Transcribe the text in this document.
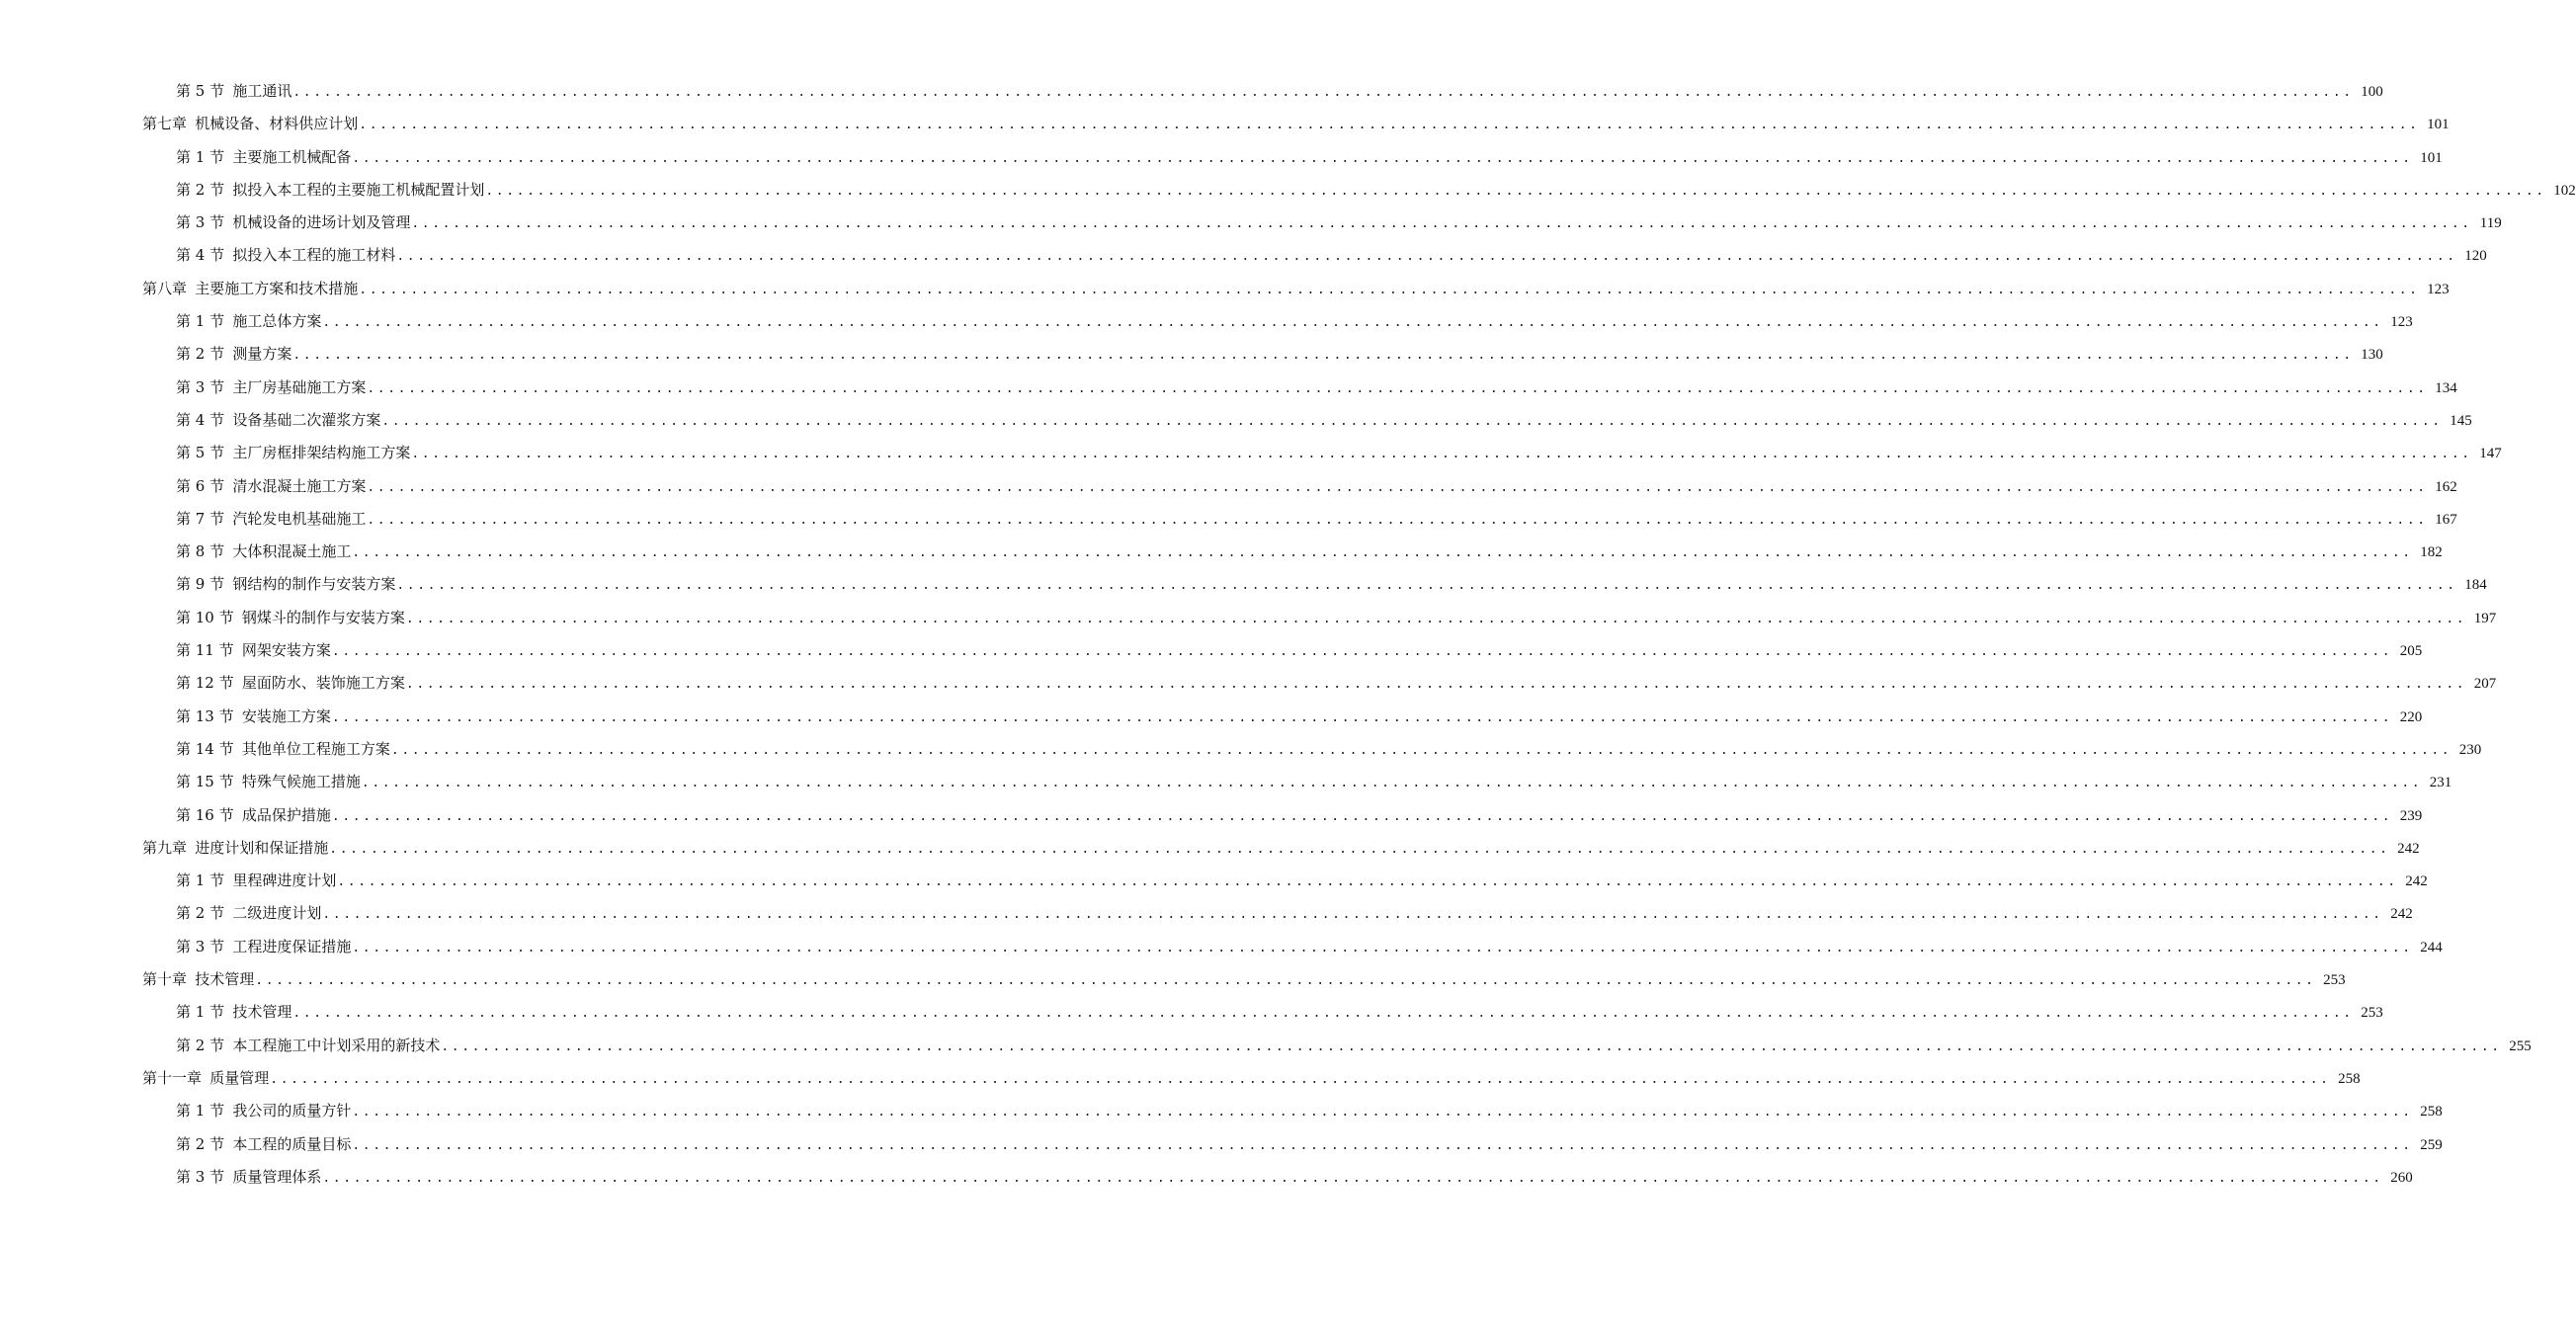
第 5 节 施工通讯 ........................................................................................................................................................................................................ 100
第七章 机械设备、材料供应计划 ........................................................................................................................................................................................................ 101
第 1 节 主要施工机械配备 ........................................................................................................................................................................................................ 101
第 2 节 拟投入本工程的主要施工机械配置计划 ........................................................................................................................................................................................................ 102
第 3 节 机械设备的进场计划及管理 ........................................................................................................................................................................................................ 119
第 4 节 拟投入本工程的施工材料 ........................................................................................................................................................................................................ 120
第八章 主要施工方案和技术措施 ........................................................................................................................................................................................................ 123
第 1 节 施工总体方案 ........................................................................................................................................................................................................ 123
第 2 节 测量方案 ........................................................................................................................................................................................................ 130
第 3 节 主厂房基础施工方案 ........................................................................................................................................................................................................ 134
第 4 节 设备基础二次灌浆方案 ........................................................................................................................................................................................................ 145
第 5 节 主厂房框排架结构施工方案 ........................................................................................................................................................................................................ 147
第 6 节 清水混凝土施工方案 ........................................................................................................................................................................................................ 162
第 7 节 汽轮发电机基础施工 ........................................................................................................................................................................................................ 167
第 8 节 大体积混凝土施工 ........................................................................................................................................................................................................ 182
第 9 节 钢结构的制作与安装方案 ........................................................................................................................................................................................................ 184
第 10 节 钢煤斗的制作与安装方案 ........................................................................................................................................................................................................ 197
第 11 节 网架安装方案 ........................................................................................................................................................................................................ 205
第 12 节 屋面防水、装饰施工方案 ........................................................................................................................................................................................................ 207
第 13 节 安装施工方案 ........................................................................................................................................................................................................ 220
第 14 节 其他单位工程施工方案 ........................................................................................................................................................................................................ 230
第 15 节 特殊气候施工措施 ........................................................................................................................................................................................................ 231
第 16 节 成品保护措施 ........................................................................................................................................................................................................ 239
第九章 进度计划和保证措施 ........................................................................................................................................................................................................ 242
第 1 节 里程碑进度计划 ........................................................................................................................................................................................................ 242
第 2 节 二级进度计划 ........................................................................................................................................................................................................ 242
第 3 节 工程进度保证措施 ........................................................................................................................................................................................................ 244
第十章 技术管理 ........................................................................................................................................................................................................ 253
第 1 节 技术管理 ........................................................................................................................................................................................................ 253
第 2 节 本工程施工中计划采用的新技术 ........................................................................................................................................................................................................ 255
第十一章 质量管理 ........................................................................................................................................................................................................ 258
第 1 节 我公司的质量方针 ........................................................................................................................................................................................................ 258
第 2 节 本工程的质量目标 ........................................................................................................................................................................................................ 259
第 3 节 质量管理体系 ........................................................................................................................................................................................................ 260
